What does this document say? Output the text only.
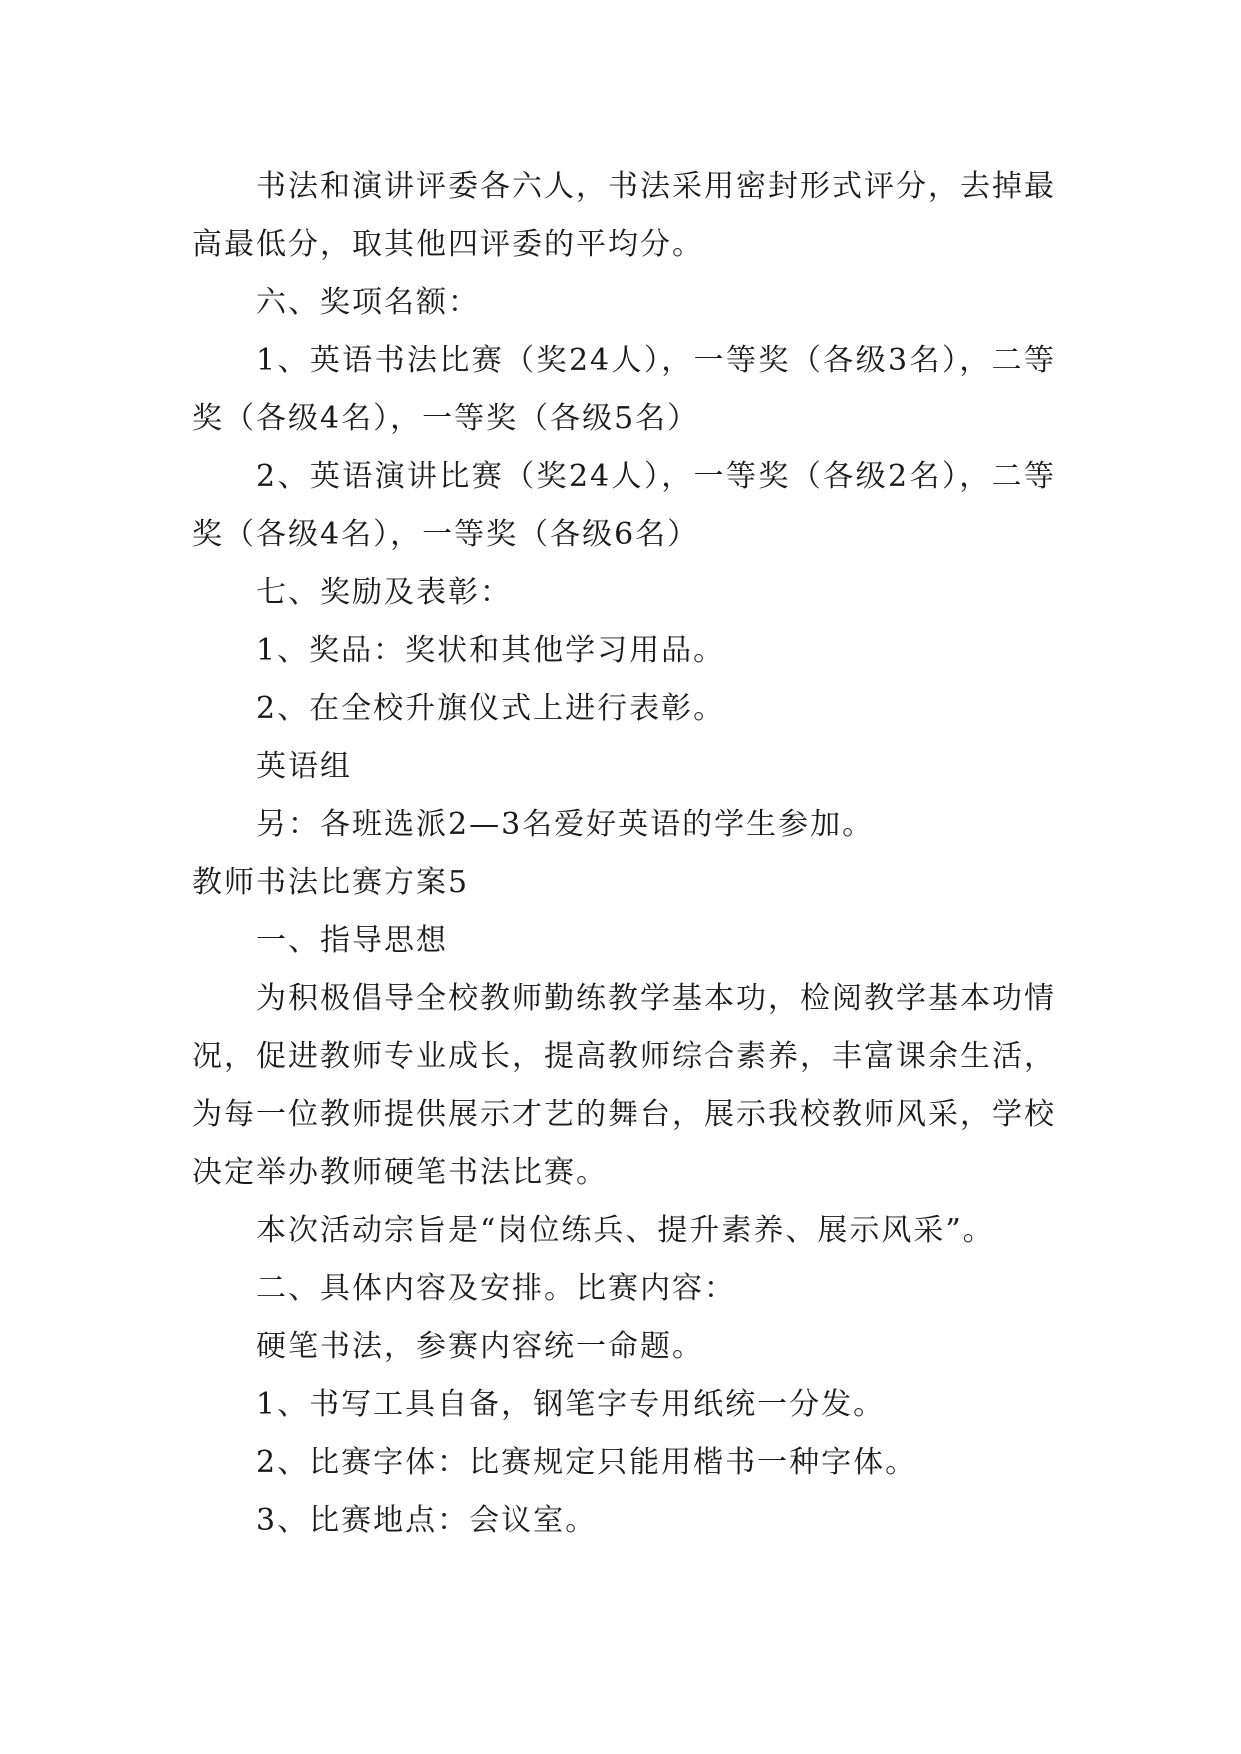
书法和演讲评委各六人，书法采用密封形式评分，去掉最高最低分，取其他四评委的平均分。

六、奖项名额：

1、英语书法比赛（奖24人），一等奖（各级3名），二等奖（各级4名），一等奖（各级5名）

2、英语演讲比赛（奖24人），一等奖（各级2名），二等奖（各级4名），一等奖（各级6名）

七、奖励及表彰：

1、奖品：奖状和其他学习用品。

2、在全校升旗仪式上进行表彰。

英语组

另：各班选派2—3名爱好英语的学生参加。

教师书法比赛方案5

一、指导思想

为积极倡导全校教师勤练教学基本功，检阅教学基本功情况，促进教师专业成长，提高教师综合素养，丰富课余生活，为每一位教师提供展示才艺的舞台，展示我校教师风采，学校决定举办教师硬笔书法比赛。

本次活动宗旨是“岗位练兵、提升素养、展示风采”。

二、具体内容及安排。比赛内容：

硬笔书法，参赛内容统一命题。

1、书写工具自备，钢笔字专用纸统一分发。

2、比赛字体：比赛规定只能用楷书一种字体。

3、比赛地点：会议室。
